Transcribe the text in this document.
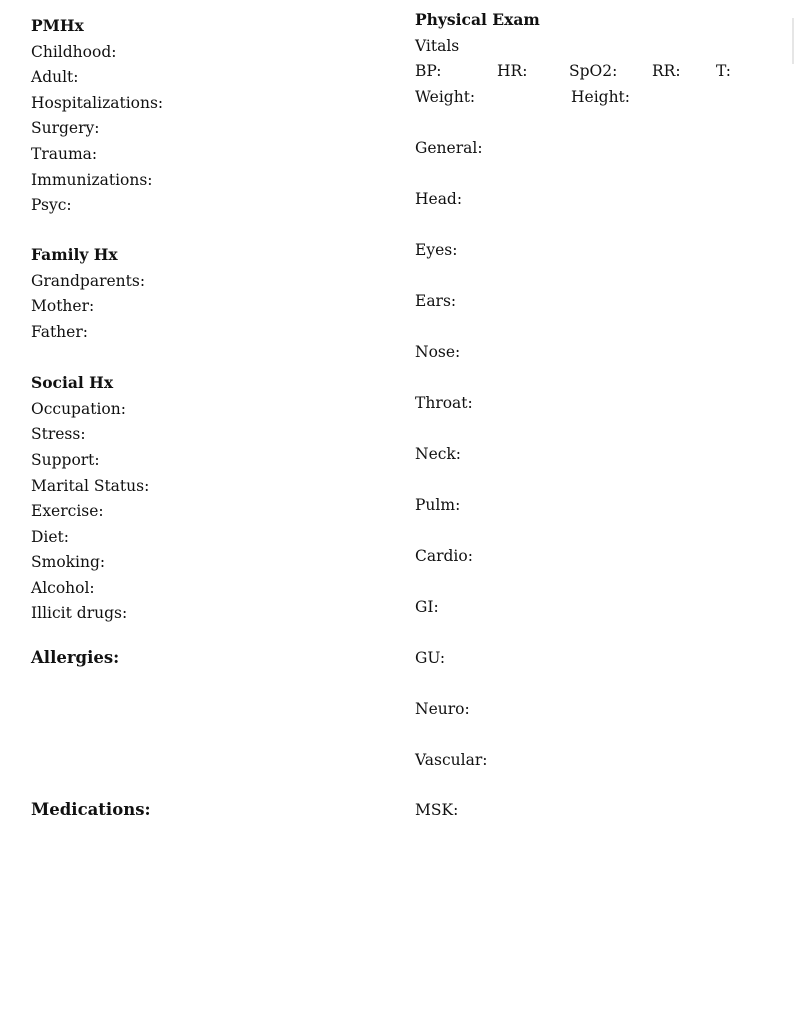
PMHx
Childhood:
Adult:
Hospitalizations:
Surgery:
Trauma:
Immunizations:
Psyc:
Family Hx
Grandparents:
Mother:
Father:
Social Hx
Occupation:
Stress:
Support:
Marital Status:
Exercise:
Diet:
Smoking:
Alcohol:
Illicit drugs:
Allergies:
Medications:
Physical Exam
Vitals
BP:	HR:	SpO2: RR: T:
Weight:	Height:
General:
Head:
Eyes:
Ears:
Nose:
Throat:
Neck:
Pulm:
Cardio:
GI:
GU:
Neuro:
Vascular:
MSK:
